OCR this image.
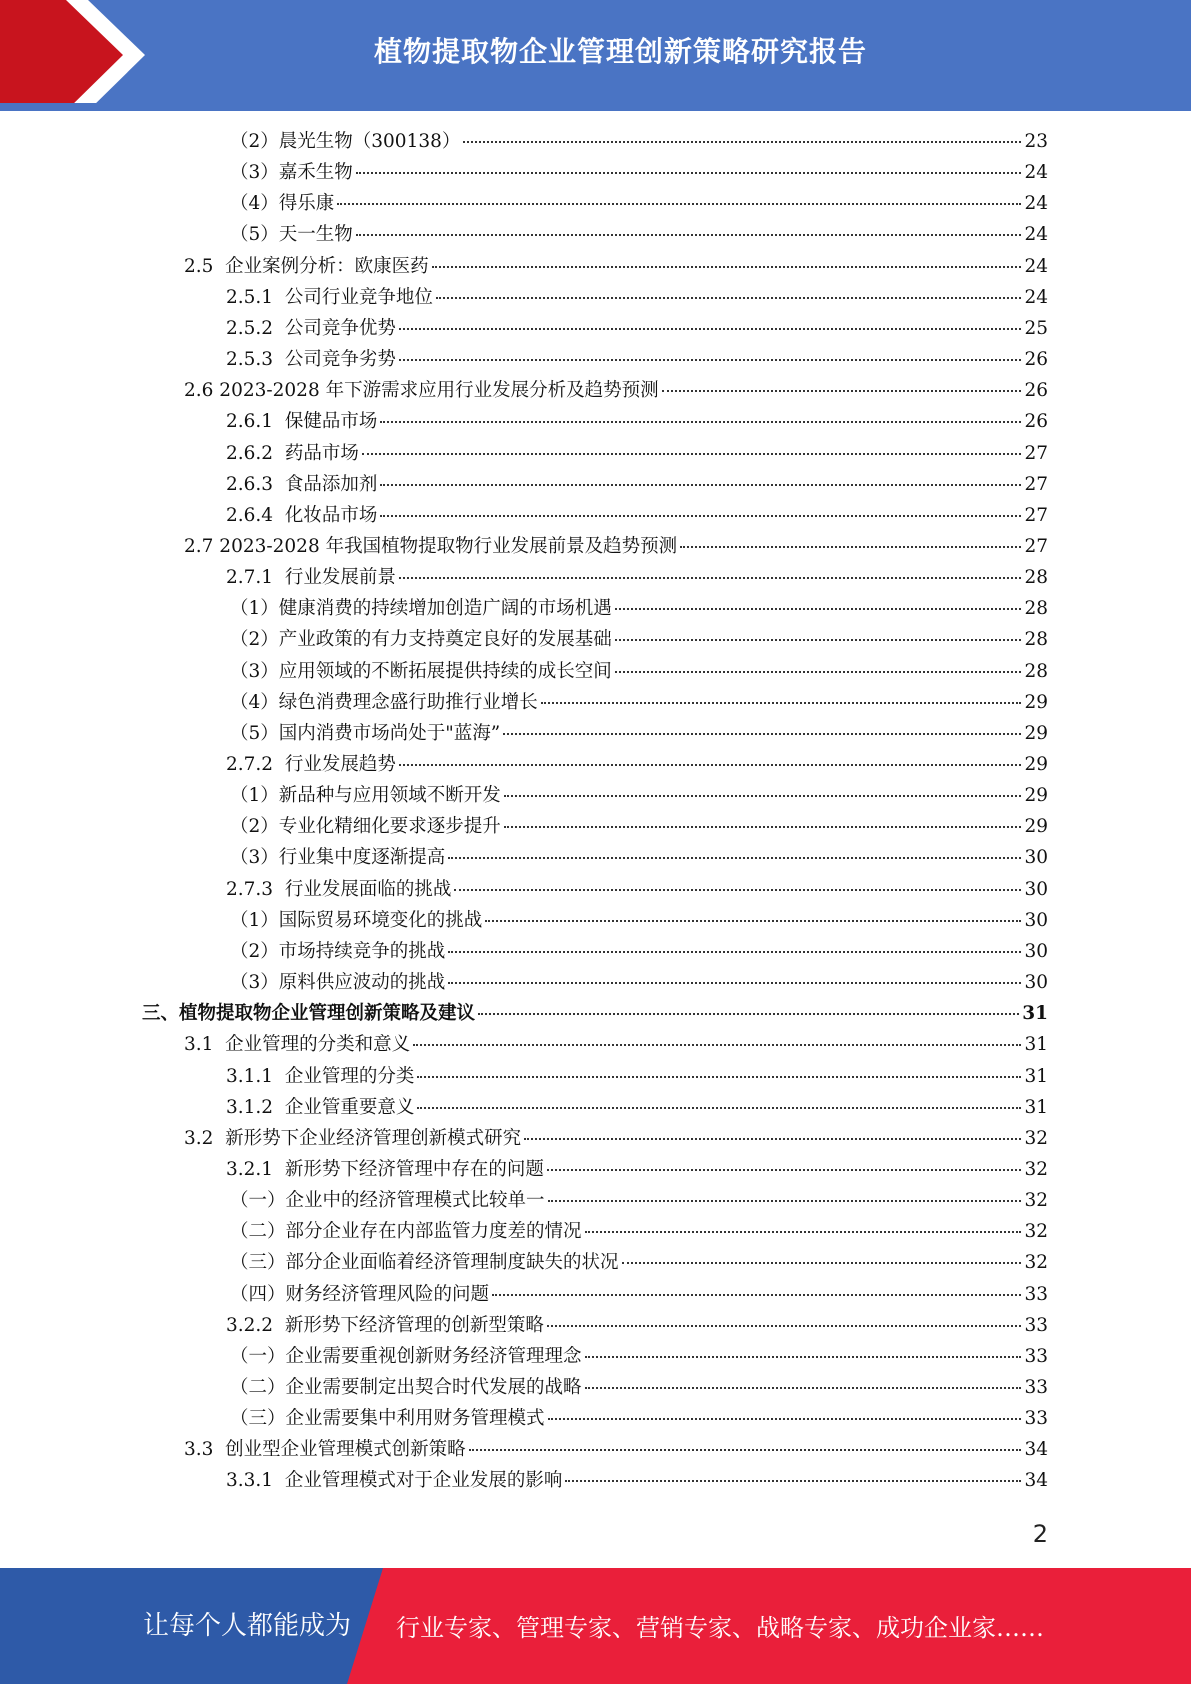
植物提取物企业管理创新策略研究报告
（2）晨光生物（300138）	23
（3）嘉禾生物	24
（4）得乐康	24
（5）天一生物	24
2.5  企业案例分析：欧康医药	24
2.5.1  公司行业竞争地位	24
2.5.2  公司竞争优势	25
2.5.3  公司竞争劣势	26
2.6 2023-2028 年下游需求应用行业发展分析及趋势预测	26
2.6.1  保健品市场	26
2.6.2  药品市场	27
2.6.3  食品添加剂	27
2.6.4  化妆品市场	27
2.7 2023-2028 年我国植物提取物行业发展前景及趋势预测	27
2.7.1  行业发展前景	28
（1）健康消费的持续增加创造广阔的市场机遇	28
（2）产业政策的有力支持奠定良好的发展基础	28
（3）应用领域的不断拓展提供持续的成长空间	28
（4）绿色消费理念盛行助推行业增长	29
（5）国内消费市场尚处于"蓝海”	29
2.7.2  行业发展趋势	29
（1）新品种与应用领域不断开发	29
（2）专业化精细化要求逐步提升	29
（3）行业集中度逐渐提高	30
2.7.3  行业发展面临的挑战	30
（1）国际贸易环境变化的挑战	30
（2）市场持续竞争的挑战	30
（3）原料供应波动的挑战	30
三、植物提取物企业管理创新策略及建议	31
3.1  企业管理的分类和意义	31
3.1.1  企业管理的分类	31
3.1.2  企业管重要意义	31
3.2  新形势下企业经济管理创新模式研究	32
3.2.1  新形势下经济管理中存在的问题	32
（一）企业中的经济管理模式比较单一	32
（二）部分企业存在内部监管力度差的情况	32
（三）部分企业面临着经济管理制度缺失的状况	32
（四）财务经济管理风险的问题	33
3.2.2  新形势下经济管理的创新型策略	33
（一）企业需要重视创新财务经济管理理念	33
（二）企业需要制定出契合时代发展的战略	33
（三）企业需要集中利用财务管理模式	33
3.3  创业型企业管理模式创新策略	34
3.3.1  企业管理模式对于企业发展的影响	34
2
让每个人都能成为 行业专家、管理专家、营销专家、战略专家、成功企业家……
